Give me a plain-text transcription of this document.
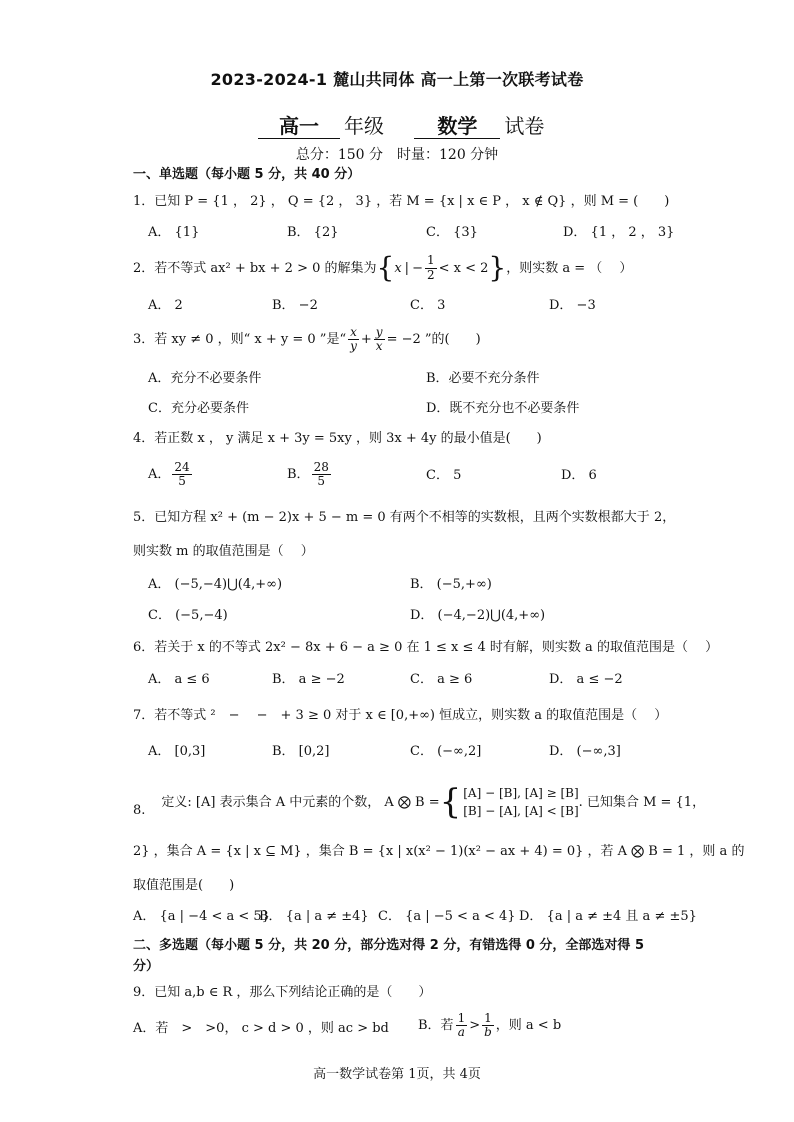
2023-2024-1 麓山共同体 高一上第一次联考试卷
高一 年级	数学 试卷
总分：150 分　时量：120 分钟
一、单选题（每小题 5 分，共 40 分）
1．已知 P = {1 ， 2} ， Q = {2 ， 3} ，若 M = {x | x ∈ P ， x ∉ Q} ，则 M = (　　)
A． {1}	B． {2}	C． {3}	D． {1 ， 2 ， 3}
2．若不等式 ax² + bx + 2 > 0 的解集为 { x | − $\frac{1}{2} < x < 2$ } ，则实数 a = （　 ）
A． 2	B． −2	C． 3	D． −3
3．若 xy ≠ 0 ，则“ x + y = 0 ”是“ $\frac{x}{y} + \frac{y}{x} = -2$ ”的(　　)
A．充分不必要条件	B．必要不充分条件
C．充分必要条件	D．既不充分也不必要条件
4．若正数 x ， y 满足 x + 3y = 5xy ，则 3x + 4y 的最小值是(　　)
A． $\frac{24}{5}$	B． $\frac{28}{5}$	C． 5	D． 6
5．已知方程 x² + (m − 2)x + 5 − m = 0 有两个不相等的实数根，且两个实数根都大于 2，
则实数 m 的取值范围是（　 ）
A． (−5,−4)⋃(4,+∞)	B． (−5,+∞)
C． (−5,−4)	D． (−4,−2)⋃(4,+∞)
6．若关于 x 的不等式 2x² − 8x + 6 − a ≥ 0 在 1 ≤ x ≤ 4 时有解，则实数 a 的取值范围是（　 ）
A． a ≤ 6	B． a ≥ −2	C． a ≥ 6	D． a ≤ −2
7．若不等式 ²　−　 −　+ 3 ≥ 0 对于 x ∈ [0,+∞) 恒成立，则实数 a 的取值范围是（　 ）
A． [0,3]	B． [0,2]	C． (−∞,2]	D． (−∞,3]
8.
定义: [A] 表示集合 A 中元素的个数， A ⨂ B = { [A] − [B], [A] ≥ [B]
[B] − [A], [A] < [B]
. 已知集合 M = {1，
2} ，集合 A = {x | x ⊆ M} ，集合 B = {x | x(x² − 1)(x² − ax + 4) = 0} ，若 A ⨂ B = 1 ，则 a 的
取值范围是(　　)
A． {a | −4 < a < 5}
B． {a | a ≠ ±4} C． {a | −5 < a < 4} D． {a | a ≠ ±4 且 a ≠ ±5}
二、多选题（每小题 5 分，共 20 分，部分选对得 2 分，有错选得 0 分，全部选对得 5
分）
9．已知 a,b ∈ R ，那么下列结论正确的是（　　）
A．若　>　>0， c > d > 0 ，则 ac > bd B．若 $\frac{1}{a} > \frac{1}{b}$ ，则 a < b
高一数学试卷第 1页，共 4页
